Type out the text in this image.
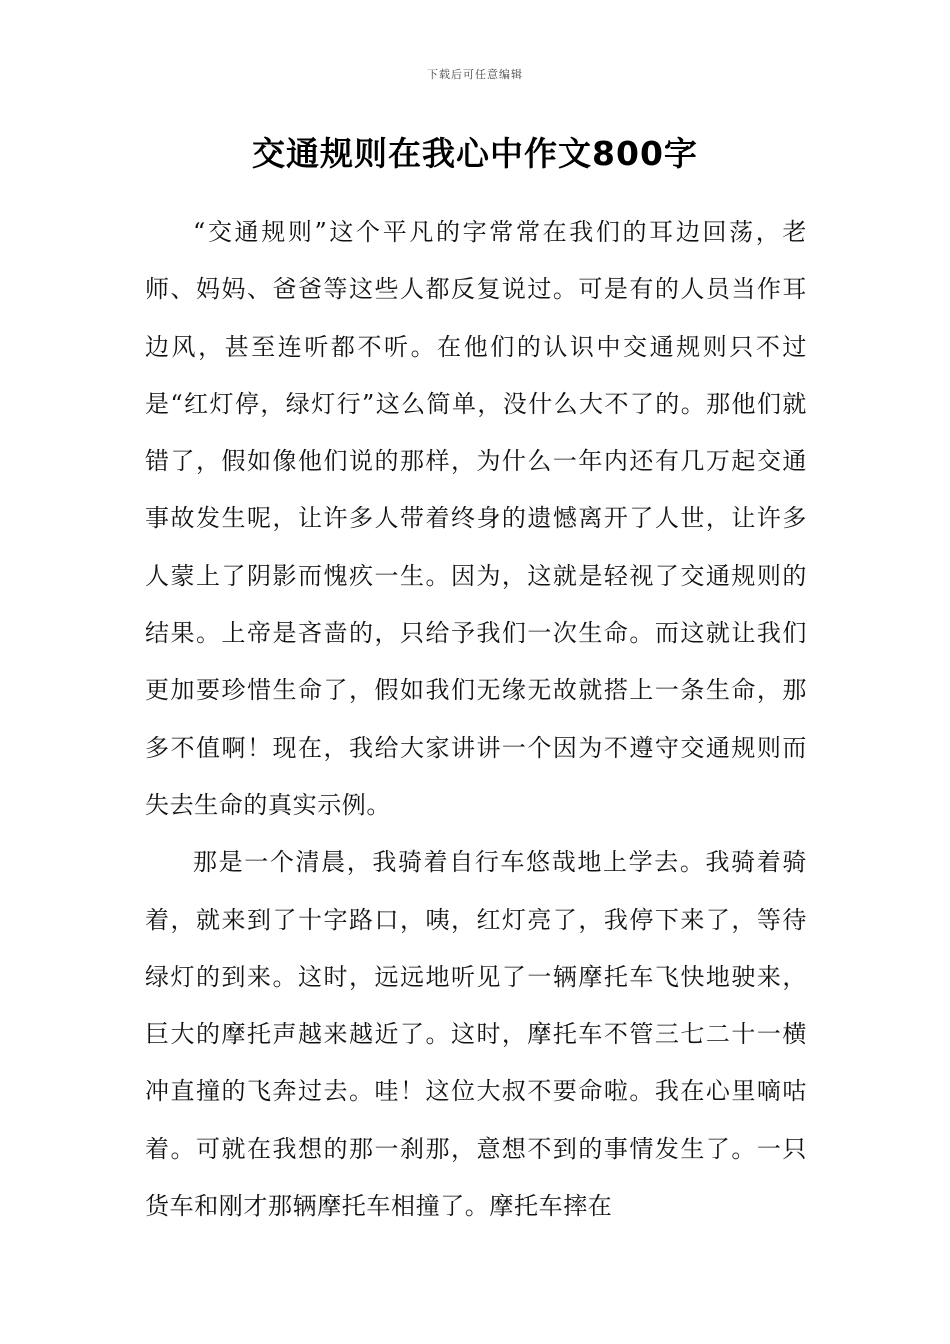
下载后可任意编辑
交通规则在我心中作文800字

“交通规则”这个平凡的字常常在我们的耳边回荡，老师、妈妈、爸爸等这些人都反复说过。可是有的人员当作耳边风，甚至连听都不听。在他们的认识中交通规则只不过是“红灯停，绿灯行”这么简单，没什么大不了的。那他们就错了，假如像他们说的那样，为什么一年内还有几万起交通事故发生呢，让许多人带着终身的遗憾离开了人世，让许多人蒙上了阴影而愧疚一生。因为，这就是轻视了交通规则的结果。上帝是吝啬的，只给予我们一次生命。而这就让我们更加要珍惜生命了，假如我们无缘无故就搭上一条生命，那多不值啊！现在，我给大家讲讲一个因为不遵守交通规则而失去生命的真实示例。

那是一个清晨，我骑着自行车悠哉地上学去。我骑着骑着，就来到了十字路口，咦，红灯亮了，我停下来了，等待绿灯的到来。这时，远远地听见了一辆摩托车飞快地驶来，巨大的摩托声越来越近了。这时，摩托车不管三七二十一横冲直撞的飞奔过去。哇！这位大叔不要命啦。我在心里嘀咕着。可就在我想的那一刹那，意想不到的事情发生了。一只货车和刚才那辆摩托车相撞了。摩托车摔在
